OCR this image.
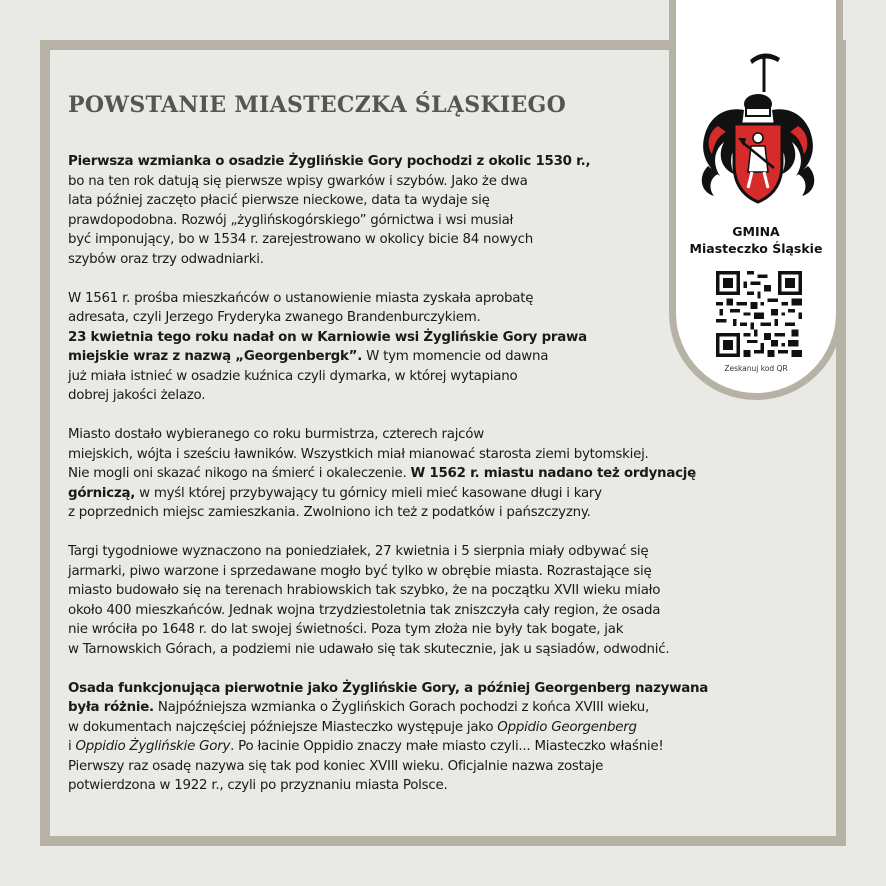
POWSTANIE MIASTECZKA ŚLĄSKIEGO

Pierwsza wzmianka o osadzie Żyglińskie Gory pochodzi z okolic 1530 r.,
bo na ten rok datują się pierwsze wpisy gwarków i szybów. Jako że dwa
lata później zaczęto płacić pierwsze nieckowe, data ta wydaje się
prawdopodobna. Rozwój „żyglińskogórskiego” górnictwa i wsi musiał
być imponujący, bo w 1534 r. zarejestrowano w okolicy bicie 84 nowych
szybów oraz trzy odwadniarki.

W 1561 r. prośba mieszkańców o ustanowienie miasta zyskała aprobatę
adresata, czyli Jerzego Fryderyka zwanego Brandenburczykiem.
23 kwietnia tego roku nadał on w Karniowie wsi Żyglińskie Gory prawa
miejskie wraz z nazwą „Georgenbergk”. W tym momencie od dawna
już miała istnieć w osadzie kuźnica czyli dymarka, w której wytapiano
dobrej jakości żelazo.

Miasto dostało wybieranego co roku burmistrza, czterech rajców
miejskich, wójta i sześciu ławników. Wszystkich miał mianować starosta ziemi bytomskiej.
Nie mogli oni skazać nikogo na śmierć i okaleczenie. W 1562 r. miastu nadano też ordynację
górniczą, w myśl której przybywający tu górnicy mieli mieć kasowane długi i kary
z poprzednich miejsc zamieszkania. Zwolniono ich też z podatków i pańszczyzny.

Targi tygodniowe wyznaczono na poniedziałek, 27 kwietnia i 5 sierpnia miały odbywać się
jarmarki, piwo warzone i sprzedawane mogło być tylko w obrębie miasta. Rozrastające się
miasto budowało się na terenach hrabiowskich tak szybko, że na początku XVII wieku miało
około 400 mieszkańców. Jednak wojna trzydziestoletnia tak zniszczyła cały region, że osada
nie wróciła po 1648 r. do lat swojej świetności. Poza tym złoża nie były tak bogate, jak
w Tarnowskich Górach, a podziemi nie udawało się tak skutecznie, jak u sąsiadów, odwodnić.

Osada funkcjonująca pierwotnie jako Żyglińskie Gory, a później Georgenberg nazywana
była różnie. Najpóźniejsza wzmianka o Żyglińskich Gorach pochodzi z końca XVIII wieku,
w dokumentach najczęściej późniejsze Miasteczko występuje jako Oppidio Georgenberg
i Oppidio Żyglińskie Gory. Po łacinie Oppidio znaczy małe miasto czyli... Miasteczko właśnie!
Pierwszy raz osadę nazywa się tak pod koniec XVIII wieku. Oficjalnie nazwa zostaje
potwierdzona w 1922 r., czyli po przyznaniu miasta Polsce.

GMINA
Miasteczko Śląskie
Zeskanuj kod QR
